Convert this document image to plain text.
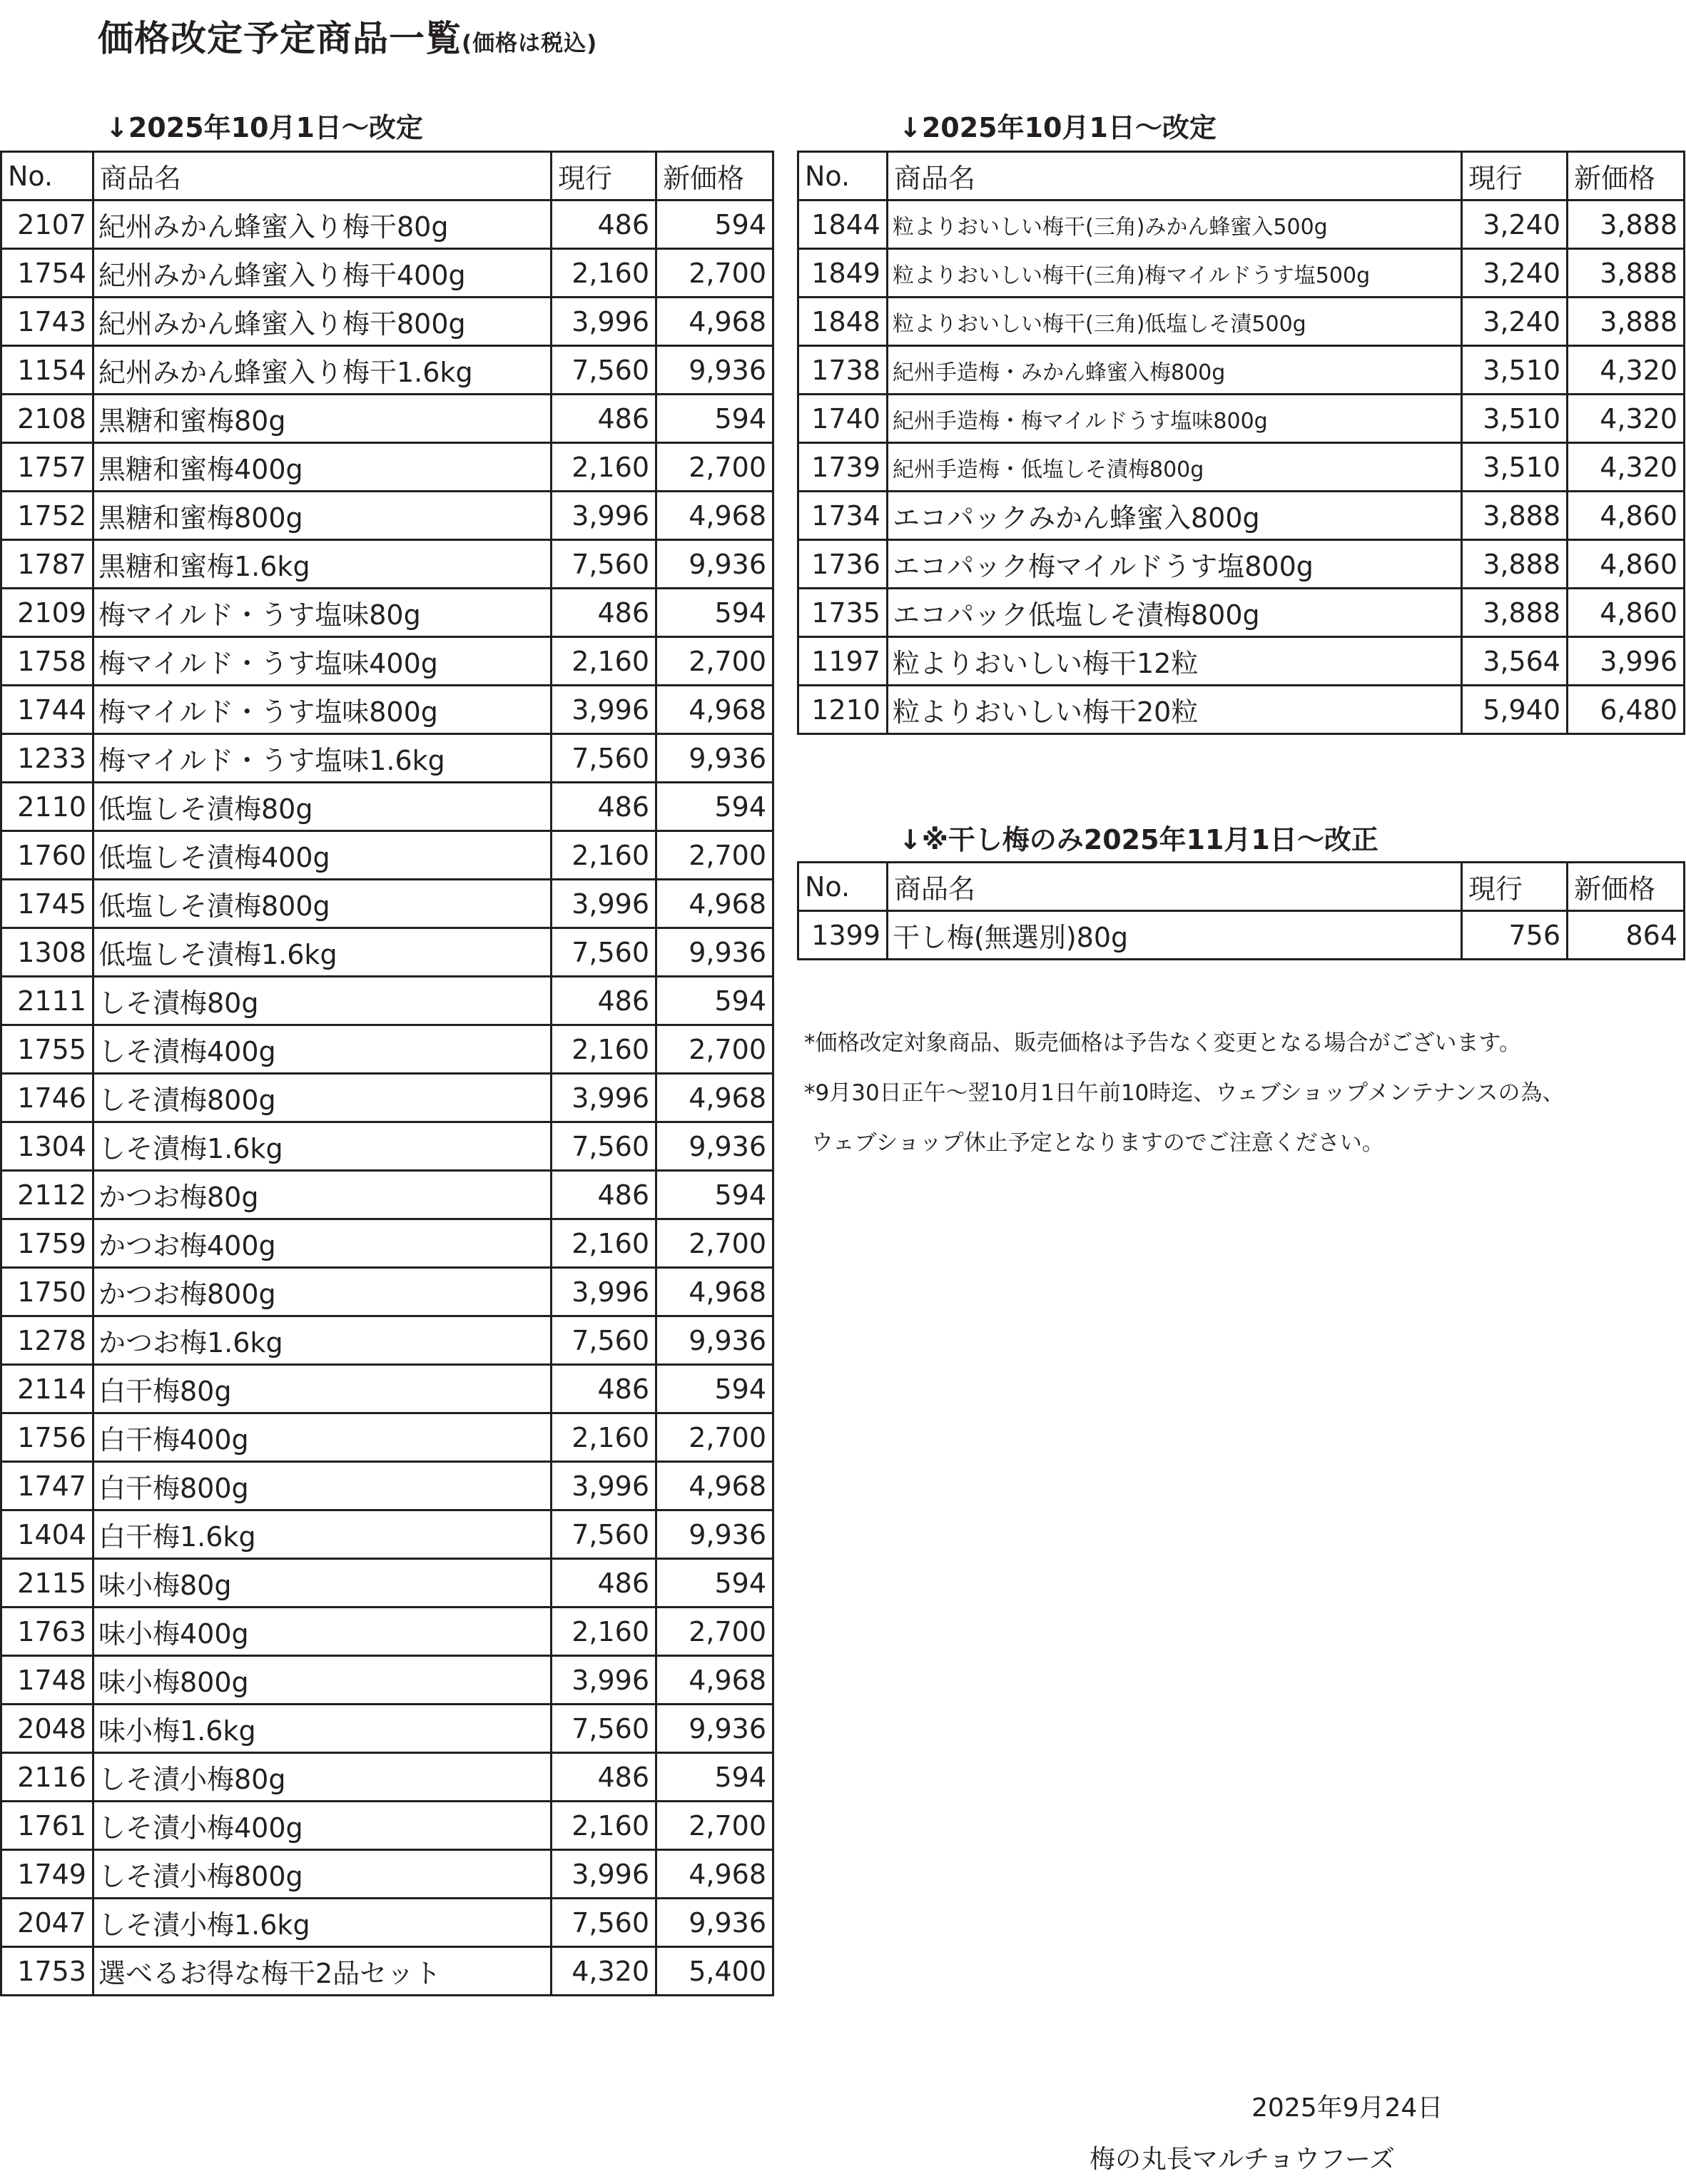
価格改定予定商品一覧(価格は税込)
↓2025年10月1日～改定	↓2025年10月1日～改定
No.	商品名	現行	新価格
2107	紀州みかん蜂蜜入り梅干80g	486	594
1754	紀州みかん蜂蜜入り梅干400g	2,160	2,700
1743	紀州みかん蜂蜜入り梅干800g	3,996	4,968
1154	紀州みかん蜂蜜入り梅干1.6kg	7,560	9,936
2108	黒糖和蜜梅80g	486	594
1757	黒糖和蜜梅400g	2,160	2,700
1752	黒糖和蜜梅800g	3,996	4,968
1787	黒糖和蜜梅1.6kg	7,560	9,936
2109	梅マイルド・うす塩味80g	486	594
1758	梅マイルド・うす塩味400g	2,160	2,700
1744	梅マイルド・うす塩味800g	3,996	4,968
1233	梅マイルド・うす塩味1.6kg	7,560	9,936
2110	低塩しそ漬梅80g	486	594
1760	低塩しそ漬梅400g	2,160	2,700
1745	低塩しそ漬梅800g	3,996	4,968
1308	低塩しそ漬梅1.6kg	7,560	9,936
2111	しそ漬梅80g	486	594
1755	しそ漬梅400g	2,160	2,700
1746	しそ漬梅800g	3,996	4,968
1304	しそ漬梅1.6kg	7,560	9,936
2112	かつお梅80g	486	594
1759	かつお梅400g	2,160	2,700
1750	かつお梅800g	3,996	4,968
1278	かつお梅1.6kg	7,560	9,936
2114	白干梅80g	486	594
1756	白干梅400g	2,160	2,700
1747	白干梅800g	3,996	4,968
1404	白干梅1.6kg	7,560	9,936
2115	味小梅80g	486	594
1763	味小梅400g	2,160	2,700
1748	味小梅800g	3,996	4,968
2048	味小梅1.6kg	7,560	9,936
2116	しそ漬小梅80g	486	594
1761	しそ漬小梅400g	2,160	2,700
1749	しそ漬小梅800g	3,996	4,968
2047	しそ漬小梅1.6kg	7,560	9,936
1753	選べるお得な梅干2品セット	4,320	5,400
No.	商品名	現行	新価格
1844	粒よりおいしい梅干(三角)みかん蜂蜜入500g	3,240	3,888
1849	粒よりおいしい梅干(三角)梅マイルドうす塩500g	3,240	3,888
1848	粒よりおいしい梅干(三角)低塩しそ漬500g	3,240	3,888
1738	紀州手造梅・みかん蜂蜜入梅800g	3,510	4,320
1740	紀州手造梅・梅マイルドうす塩味800g	3,510	4,320
1739	紀州手造梅・低塩しそ漬梅800g	3,510	4,320
1734	エコパックみかん蜂蜜入800g	3,888	4,860
1736	エコパック梅マイルドうす塩800g	3,888	4,860
1735	エコパック低塩しそ漬梅800g	3,888	4,860
1197	粒よりおいしい梅干12粒	3,564	3,996
1210	粒よりおいしい梅干20粒	5,940	6,480
↓※干し梅のみ2025年11月1日～改正
No.	商品名	現行	新価格
1399	干し梅(無選別)80g	756	864
*価格改定対象商品、販売価格は予告なく変更となる場合がございます。
*9月30日正午～翌10月1日午前10時迄、ウェブショップメンテナンスの為、
ウェブショップ休止予定となりますのでご注意ください。
2025年9月24日
梅の丸長マルチョウフーズ
